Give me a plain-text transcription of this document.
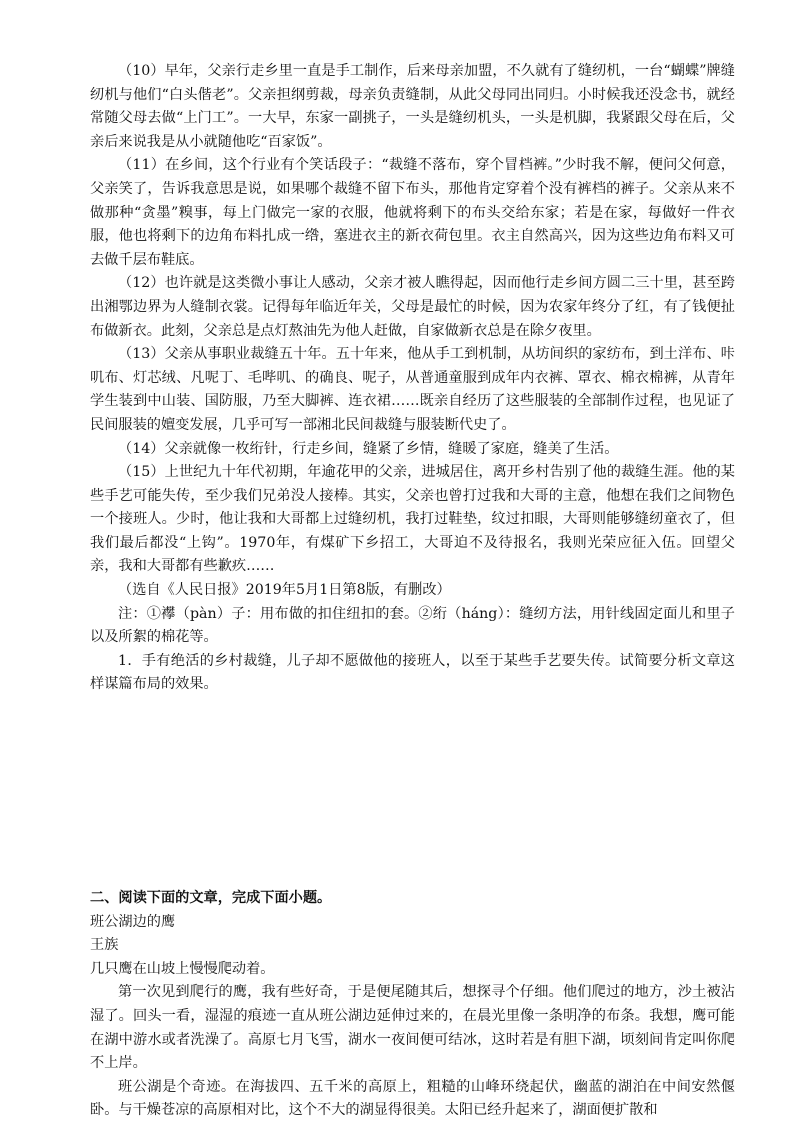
（10）早年，父亲行走乡里一直是手工制作，后来母亲加盟，不久就有了缝纫机，一台“蝴蝶”牌缝纫机与他们“白头偕老”。父亲担纲剪裁，母亲负责缝制，从此父母同出同归。小时候我还没念书，就经常随父母去做“上门工”。一大早，东家一副挑子，一头是缝纫机头，一头是机脚，我紧跟父母在后，父亲后来说我是从小就随他吃“百家饭”。

（11）在乡间，这个行业有个笑话段子：“裁缝不落布，穿个冒档裤。”少时我不解，便问父何意，父亲笑了，告诉我意思是说，如果哪个裁缝不留下布头，那他肯定穿着个没有裤档的裤子。父亲从来不做那种“贪墨”糗事，每上门做完一家的衣服，他就将剩下的布头交给东家；若是在家，每做好一件衣服，他也将剩下的边角布料扎成一绺，塞进衣主的新衣荷包里。衣主自然高兴，因为这些边角布料又可去做千层布鞋底。

（12）也许就是这类微小事让人感动，父亲才被人瞧得起，因而他行走乡间方圆二三十里，甚至跨出湘鄂边界为人缝制衣裳。记得每年临近年关，父母是最忙的时候，因为农家年终分了红，有了钱便扯布做新衣。此刻，父亲总是点灯熬油先为他人赶做，自家做新衣总是在除夕夜里。

（13）父亲从事职业裁缝五十年。五十年来，他从手工到机制，从坊间织的家纺布，到土洋布、咔叽布、灯芯绒、凡呢丁、毛哔叽、的确良、呢子，从普通童服到成年内衣裤、罩衣、棉衣棉裤，从青年学生装到中山装、国防服，乃至大脚裤、连衣裙……既亲自经历了这些服装的全部制作过程，也见证了民间服装的嬗变发展，几乎可写一部湘北民间裁缝与服装断代史了。

（14）父亲就像一枚绗针，行走乡间，缝紧了乡情，缝暖了家庭，缝美了生活。

（15）上世纪九十年代初期，年逾花甲的父亲，进城居住，离开乡村告别了他的裁缝生涯。他的某些手艺可能失传，至少我们兄弟没人接棒。其实，父亲也曾打过我和大哥的主意，他想在我们之间物色一个接班人。少时，他让我和大哥都上过缝纫机，我打过鞋垫，纹过扣眼，大哥则能够缝纫童衣了，但我们最后都没“上钩”。1970年，有煤矿下乡招工，大哥迫不及待报名，我则光荣应征入伍。回望父亲，我和大哥都有些歉疚……

（选自《人民日报》2019年5月1日第8版，有删改）

注：①襻（pàn）子：用布做的扣住纽扣的套。②绗（háng）：缝纫方法，用针线固定面儿和里子以及所絮的棉花等。

1．手有绝活的乡村裁缝，儿子却不愿做他的接班人，以至于某些手艺要失传。试简要分析文章这样谋篇布局的效果。

二、阅读下面的文章，完成下面小题。

班公湖边的鹰

王族

几只鹰在山坡上慢慢爬动着。

第一次见到爬行的鹰，我有些好奇，于是便尾随其后，想探寻个仔细。他们爬过的地方，沙土被沾湿了。回头一看，湿湿的痕迹一直从班公湖边延伸过来的，在晨光里像一条明净的布条。我想，鹰可能在湖中游水或者洗澡了。高原七月飞雪，湖水一夜间便可结冰，这时若是有胆下湖，顷刻间肯定叫你爬不上岸。

班公湖是个奇迹。在海拔四、五千米的高原上，粗糙的山峰环绕起伏，幽蓝的湖泊在中间安然偃卧。与干燥苍凉的高原相对比，这个不大的湖显得很美。太阳已经升起来了，湖面便扩散和
